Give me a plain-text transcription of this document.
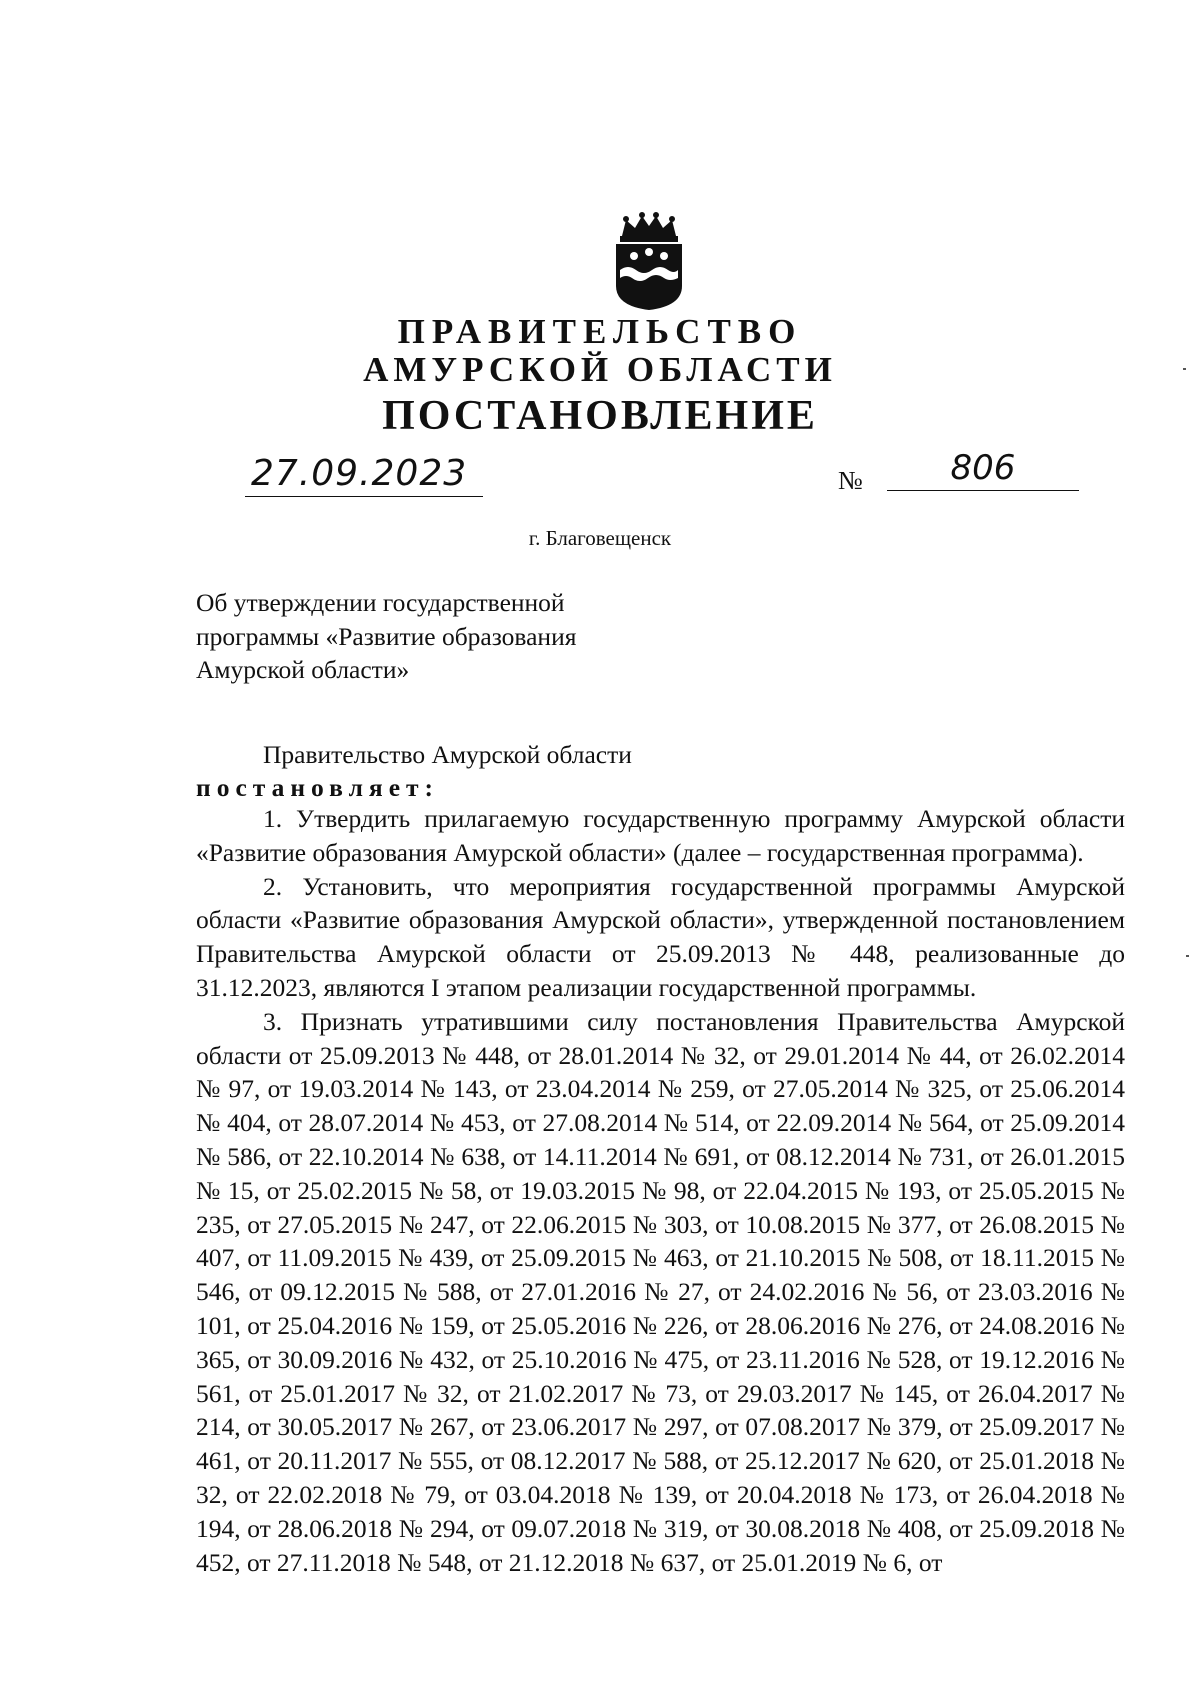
ПРАВИТЕЛЬСТВО
АМУРСКОЙ ОБЛАСТИ
ПОСТАНОВЛЕНИЕ
27.09.2023	№	806
г. Благовещенск
Об утверждении государственной программы «Развитие образования Амурской области»
Правительство Амурской области
постановляет:

1. Утвердить прилагаемую государственную программу Амурской области «Развитие образования Амурской области» (далее – государственная программа).

2. Установить, что мероприятия государственной программы Амурской области «Развитие образования Амурской области», утвержденной постановлением Правительства Амурской области от 25.09.2013 № 448, реализованные до 31.12.2023, являются I этапом реализации государственной программы.

3. Признать утратившими силу постановления Правительства Амурской области от 25.09.2013 № 448, от 28.01.2014 № 32, от 29.01.2014 № 44, от 26.02.2014 № 97, от 19.03.2014 № 143, от 23.04.2014 № 259, от 27.05.2014 № 325, от 25.06.2014 № 404, от 28.07.2014 № 453, от 27.08.2014 № 514, от 22.09.2014 № 564, от 25.09.2014 № 586, от 22.10.2014 № 638, от 14.11.2014 № 691, от 08.12.2014 № 731, от 26.01.2015 № 15, от 25.02.2015 № 58, от 19.03.2015 № 98, от 22.04.2015 № 193, от 25.05.2015 № 235, от 27.05.2015 № 247, от 22.06.2015 № 303, от 10.08.2015 № 377, от 26.08.2015 № 407, от 11.09.2015 № 439, от 25.09.2015 № 463, от 21.10.2015 № 508, от 18.11.2015 № 546, от 09.12.2015 № 588, от 27.01.2016 № 27, от 24.02.2016 № 56, от 23.03.2016 № 101, от 25.04.2016 № 159, от 25.05.2016 № 226, от 28.06.2016 № 276, от 24.08.2016 № 365, от 30.09.2016 № 432, от 25.10.2016 № 475, от 23.11.2016 № 528, от 19.12.2016 № 561, от 25.01.2017 № 32, от 21.02.2017 № 73, от 29.03.2017 № 145, от 26.04.2017 № 214, от 30.05.2017 № 267, от 23.06.2017 № 297, от 07.08.2017 № 379, от 25.09.2017 № 461, от 20.11.2017 № 555, от 08.12.2017 № 588, от 25.12.2017 № 620, от 25.01.2018 № 32, от 22.02.2018 № 79, от 03.04.2018 № 139, от 20.04.2018 № 173, от 26.04.2018 № 194, от 28.06.2018 № 294, от 09.07.2018 № 319, от 30.08.2018 № 408, от 25.09.2018 № 452, от 27.11.2018 № 548, от 21.12.2018 № 637, от 25.01.2019 № 6, от
